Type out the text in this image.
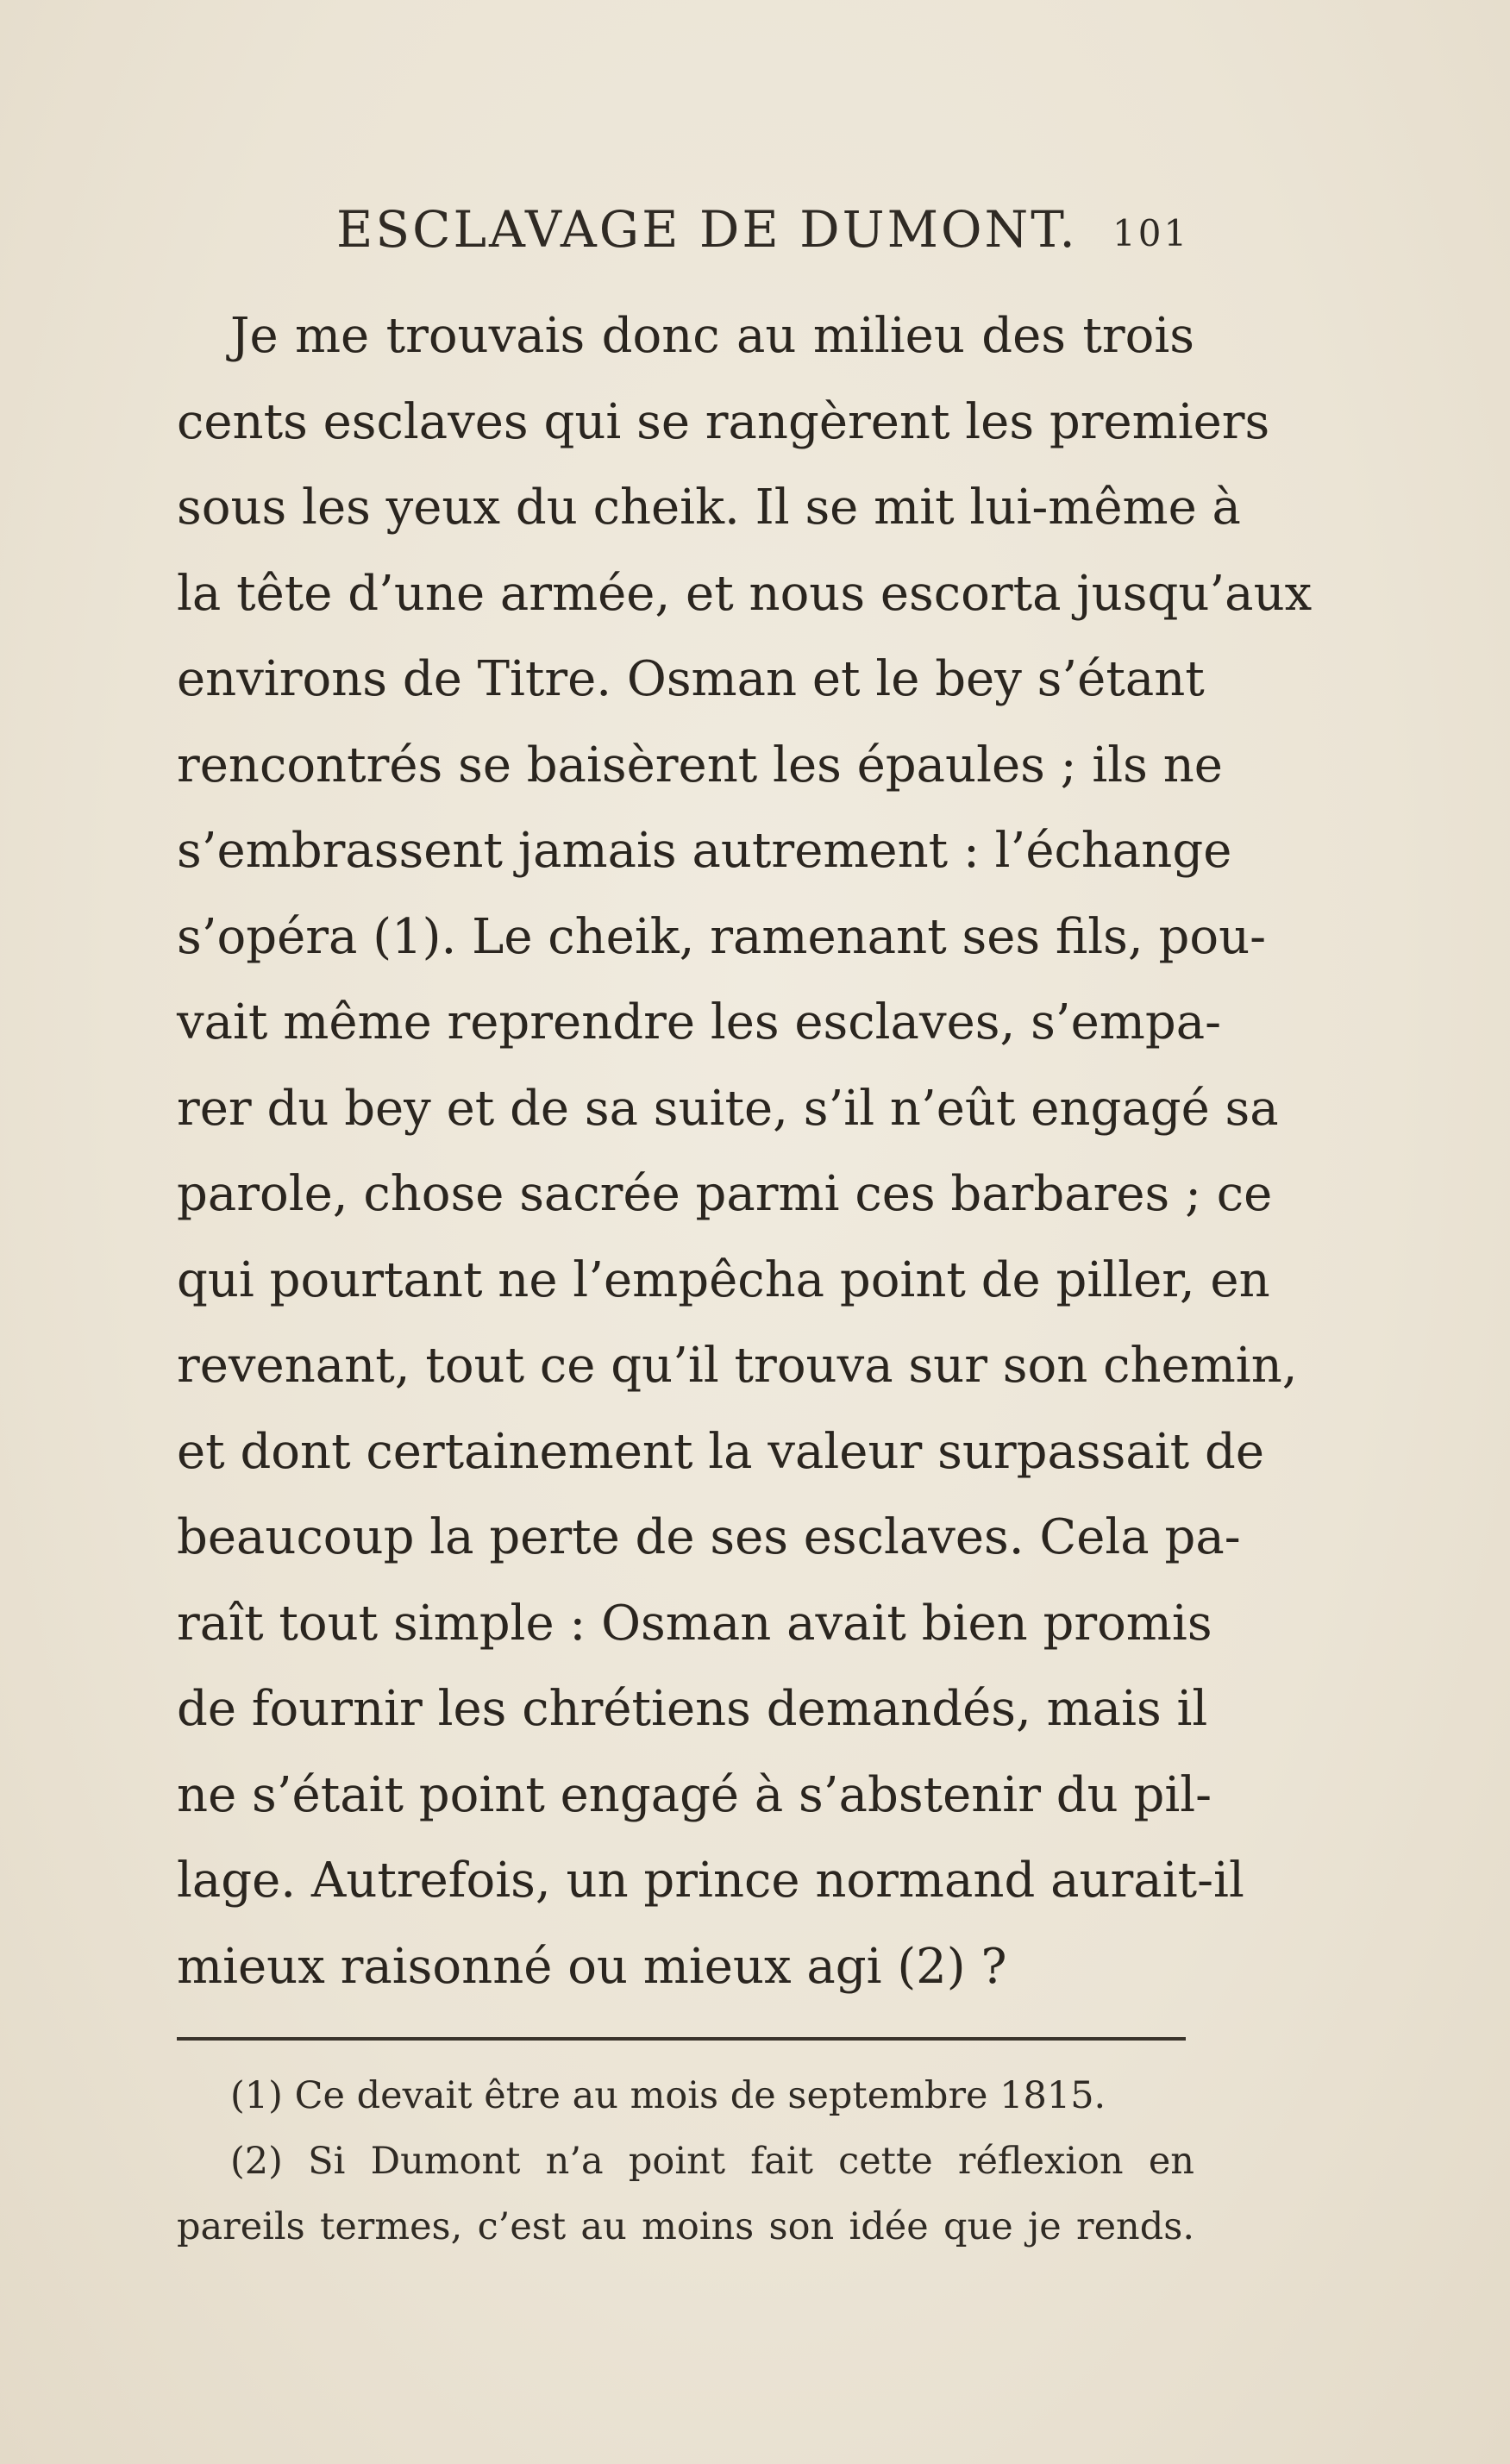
ESCLAVAGE DE DUMONT. 101
Je me trouvais donc au milieu des trois
cents esclaves qui se rangèrent les premiers
sous les yeux du cheik. Il se mit lui-même à
la tête d’une armée, et nous escorta jusqu’aux
environs de Titre. Osman et le bey s’étant
rencontrés se baisèrent les épaules ; ils ne
s’embrassent jamais autrement : l’échange
s’opéra (1). Le cheik, ramenant ses fils, pou-
vait même reprendre les esclaves, s’empa-
rer du bey et de sa suite, s’il n’eût engagé sa
parole, chose sacrée parmi ces barbares ; ce
qui pourtant ne l’empêcha point de piller, en
revenant, tout ce qu’il trouva sur son chemin,
et dont certainement la valeur surpassait de
beaucoup la perte de ses esclaves. Cela pa-
raît tout simple : Osman avait bien promis
de fournir les chrétiens demandés, mais il
ne s’était point engagé à s’abstenir du pil-
lage. Autrefois, un prince normand aurait-il
mieux raisonné ou mieux agi (2) ?
(1) Ce devait être au mois de septembre 1815.
(2) Si Dumont n’a point fait cette réflexion en
pareils termes, c’est au moins son idée que je rends.
